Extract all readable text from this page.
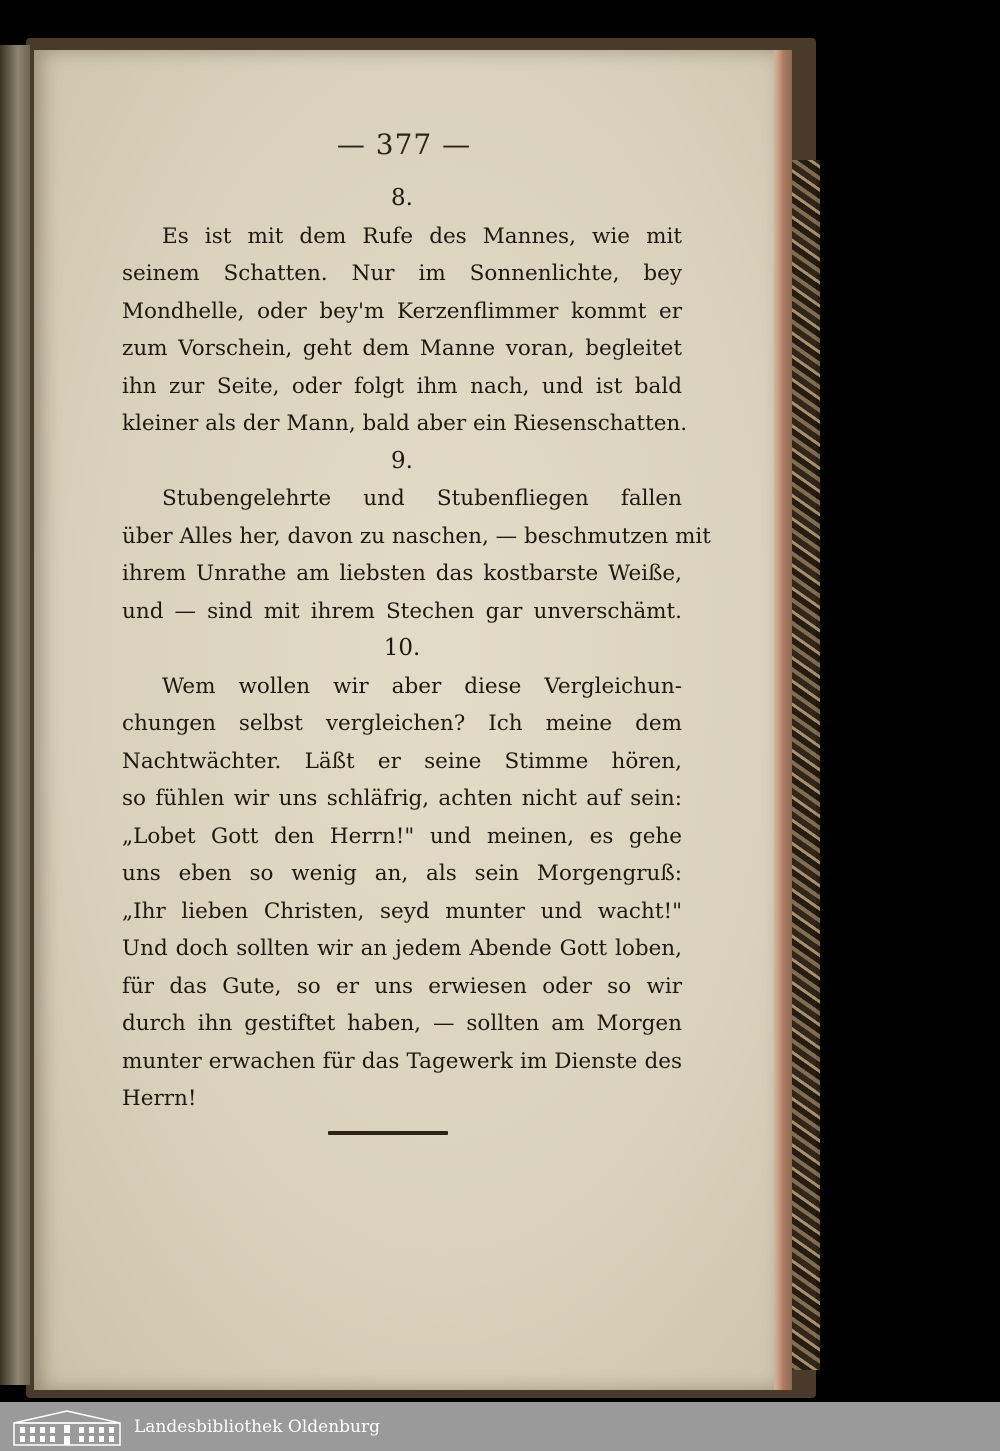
— 377 —
8.
Es ist mit dem Rufe des Mannes, wie mit
seinem Schatten. Nur im Sonnenlichte, bey
Mondhelle, oder bey'm Kerzenflimmer kommt er
zum Vorschein, geht dem Manne voran, begleitet
ihn zur Seite, oder folgt ihm nach, und ist bald
kleiner als der Mann, bald aber ein Riesenschatten.
9.
Stubengelehrte und Stubenfliegen fallen
über Alles her, davon zu naschen, — beschmutzen mit
ihrem Unrathe am liebsten das kostbarste Weiße,
und — sind mit ihrem Stechen gar unverschämt.
10.
Wem wollen wir aber diese Vergleichun-
chungen selbst vergleichen? Ich meine dem
Nachtwächter. Läßt er seine Stimme hören,
so fühlen wir uns schläfrig, achten nicht auf sein:
„Lobet Gott den Herrn!" und meinen, es gehe
uns eben so wenig an, als sein Morgengruß:
„Ihr lieben Christen, seyd munter und wacht!"
Und doch sollten wir an jedem Abende Gott loben,
für das Gute, so er uns erwiesen oder so wir
durch ihn gestiftet haben, — sollten am Morgen
munter erwachen für das Tagewerk im Dienste des
Herrn!
Landesbibliothek Oldenburg
